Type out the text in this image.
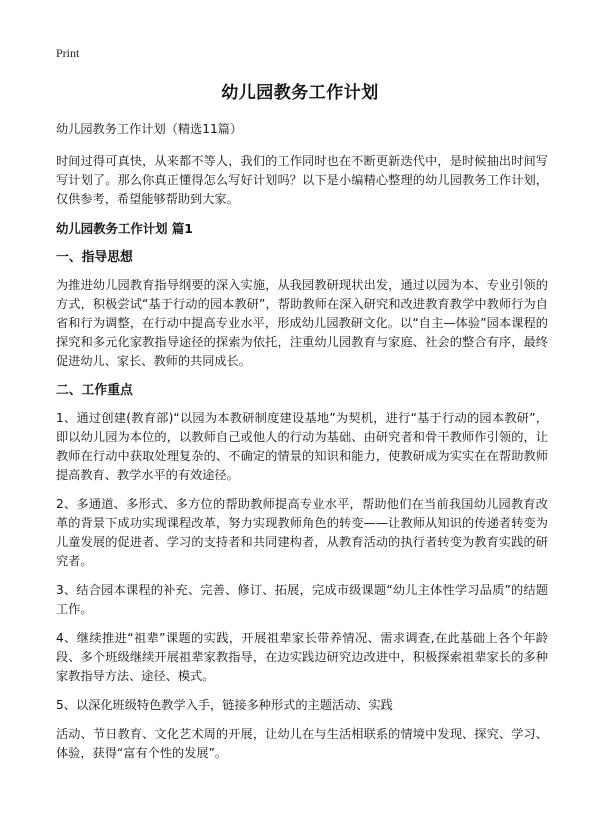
Print
幼儿园教务工作计划
幼儿园教务工作计划（精选11篇）
时间过得可真快，从来都不等人，我们的工作同时也在不断更新迭代中，是时候抽出时间写写计划了。那么你真正懂得怎么写好计划吗？以下是小编精心整理的幼儿园教务工作计划，仅供参考，希望能够帮助到大家。
幼儿园教务工作计划 篇1
一、指导思想
为推进幼儿园教育指导纲要的深入实施，从我园教研现状出发，通过以园为本、专业引领的方式，积极尝试“基于行动的园本教研”，帮助教师在深入研究和改进教育教学中教师行为自省和行为调整，在行动中提高专业水平，形成幼儿园教研文化。以“自主—体验”园本课程的探究和多元化家教指导途径的探索为依托，注重幼儿园教育与家庭、社会的整合有序，最终促进幼儿、家长、教师的共同成长。
二、工作重点
1、通过创建(教育部)“以园为本教研制度建设基地”为契机，进行“基于行动的园本教研”，即以幼儿园为本位的，以教师自己或他人的行动为基础、由研究者和骨干教师作引领的，让教师在行动中获取处理复杂的、不确定的情景的知识和能力，使教研成为实实在在帮助教师提高教育、教学水平的有效途径。
2、多通道、多形式、多方位的帮助教师提高专业水平，帮助他们在当前我国幼儿园教育改革的背景下成功实现课程改革，努力实现教师角色的转变——让教师从知识的传递者转变为儿童发展的促进者、学习的支持者和共同建构者，从教育活动的执行者转变为教育实践的研究者。
3、结合园本课程的补充、完善、修订、拓展，完成市级课题“幼儿主体性学习品质”的结题工作。
4、继续推进“祖辈”课题的实践，开展祖辈家长带养情况、需求调查,在此基础上各个年龄段、多个班级继续开展祖辈家教指导，在边实践边研究边改进中，积极探索祖辈家长的多种家教指导方法、途径、模式。
5、以深化班级特色教学入手，链接多种形式的主题活动、实践
活动、节日教育、文化艺术周的开展，让幼儿在与生活相联系的情境中发现、探究、学习、体验，获得“富有个性的发展”。
